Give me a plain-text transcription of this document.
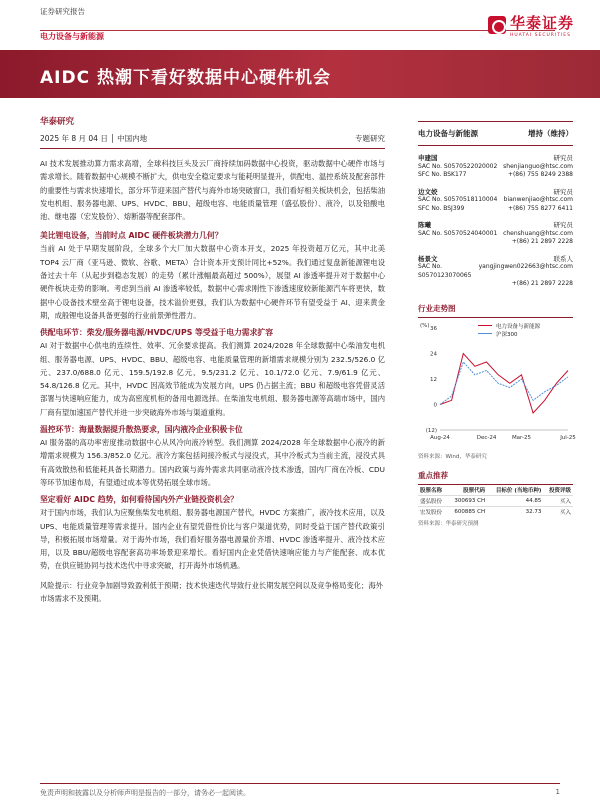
证券研究报告
电力设备与新能源
华泰证券
HUATAI SECURITIES
AIDC 热潮下看好数据中心硬件机会
华泰研究
2025 年 8 月 04 日 │ 中国内地	专题研究
AI 技术发展推动算力需求高增，全球科技巨头及云厂商持续加码数据中心投资，驱动数据中心硬件市场与需求增长。随着数据中心规模不断扩大，供电安全稳定要求与能耗明显提升，供配电、温控系统及配套部件的重要性与需求快速增长，部分环节迎来国产替代与海外市场突破窗口，我们看好相关板块机会，包括柴油发电机组、服务器电源、UPS、HVDC、BBU、超级电容、电能质量管理（盛弘股份）、液冷，以及铅酸电池、继电器（宏发股份）、熔断器等配套部件。
美比锂电设备，当前时点 AIDC 硬件板块潜力几何？
当前 AI 处于早期发展阶段，全球多个大厂加大数据中心资本开支，2025 年投资超万亿元，其中北美 TOP4 云厂商（亚马逊、微软、谷歌、META）合计资本开支预计同比+52%。我们通过复盘新能源锂电设备过去十年（从起步到稳态发展）的走势（累计涨幅最高超过 500%），展望 AI 渗透率提升对于数据中心硬件板块走势的影响。考虑到当前 AI 渗透率较低，数据中心需求刚性下渗透速度较新能源汽车将更快，数据中心设备技术壁垒高于锂电设备，技术溢价更强，我们认为数据中心硬件环节有望受益于 AI、迎来黄金期，成般锂电设备具备更强的行业前景弹性潜力。
供配电环节：柴发/服务器电源/HVDC/UPS 等受益于电力需求扩容
AI 对于数据中心供电的连续性、效率、冗余要求提高。我们测算 2024/2028 年全球数据中心柴油发电机组、服务器电源、UPS、HVDC、BBU、超级电容、电能质量管理的新增需求规模分别为 232.5/526.0 亿元、237.0/688.0 亿元、159.5/192.8 亿元、9.5/231.2 亿元、10.1/72.0 亿元、7.9/61.9 亿元、54.8/126.8 亿元。其中，HVDC 因高效节能成为发展方向，UPS 仍占据主流；BBU 和超级电容凭借灵活部署与快速响应能力，成为高密度机柜的备用电源选择。在柴油发电机组、服务器电源等高端市场中，国内厂商有望加速国产替代并进一步突破海外市场与渠道重构。
温控环节：海量数据提升散热要求，国内液冷企业积极卡位
AI 服务器的高功率密度推动数据中心从风冷向液冷转型。我们测算 2024/2028 年全球数据中心液冷的新增需求规模为 156.3/852.0 亿元。液冷方案包括间接冷板式与浸没式，其中冷板式为当前主流，浸没式具有高效散热和低能耗具备长期潜力。国内政策与海外需求共同驱动液冷技术渗透，国内厂商在冷板、CDU 等环节加速布局，有望通过成本等优势拓展全球市场。
坚定看好 AIDC 趋势，如何看待国内外产业链投资机会？
对于国内市场，我们认为应聚焦柴发电机组、服务器电源国产替代，HVDC 方案推广，液冷技术应用，以及 UPS、电能质量管理等需求提升。国内企业有望凭借性价比与客户渠道优势，同时受益于国产替代政策引导，积极拓展市场增量。对于海外市场，我们看好服务器电源量价齐增、HVDC 渗透率提升、液冷技术应用，以及 BBU/超级电容配套高功率场景迎来增长。看好国内企业凭借快速响应能力与产能配套、成本优势，在供应链协同与技术迭代中寻求突破，打开海外市场机遇。
风险提示：行业竞争加剧导致盈利低于预期；技术快速迭代导致行业长期发展空间以及竞争格局变化；海外市场需求不及预期。
电力设备与新能源	增持（维持）
申建国	研究员
SAC No. S0570522020002 shenjianguo@htsc.com
SFC No. BSK177	+(86) 755 8249 2388
边文姣	研究员
SAC No. S0570518110004 bianwenjiao@htsc.com
SFC No. BSJ399	+(86) 755 8277 6411
陈曦	研究员
SAC No. S0570524040001 chenshuang@htsc.com
+(86) 21 2897 2228
杨景文	联系人
SAC No. S0570123070065
yangjingwen022663@htsc.com
+(86) 21 2897 2228
行业走势图
电力设备与新能源
沪深300
36
24
12
0
(12)
(%)
Aug-24	Dec-24	Mar-25	Jul-25
资料来源：Wind，华泰研究
重点推荐
股票名称	股票代码	目标价 (当地币种)	投资评级
盛弘股份	300693 CH	44.85	买入
宏发股份	600885 CH	32.73	买入
资料来源：华泰研究预测
免责声明和披露以及分析师声明是报告的一部分，请务必一起阅读。	1
